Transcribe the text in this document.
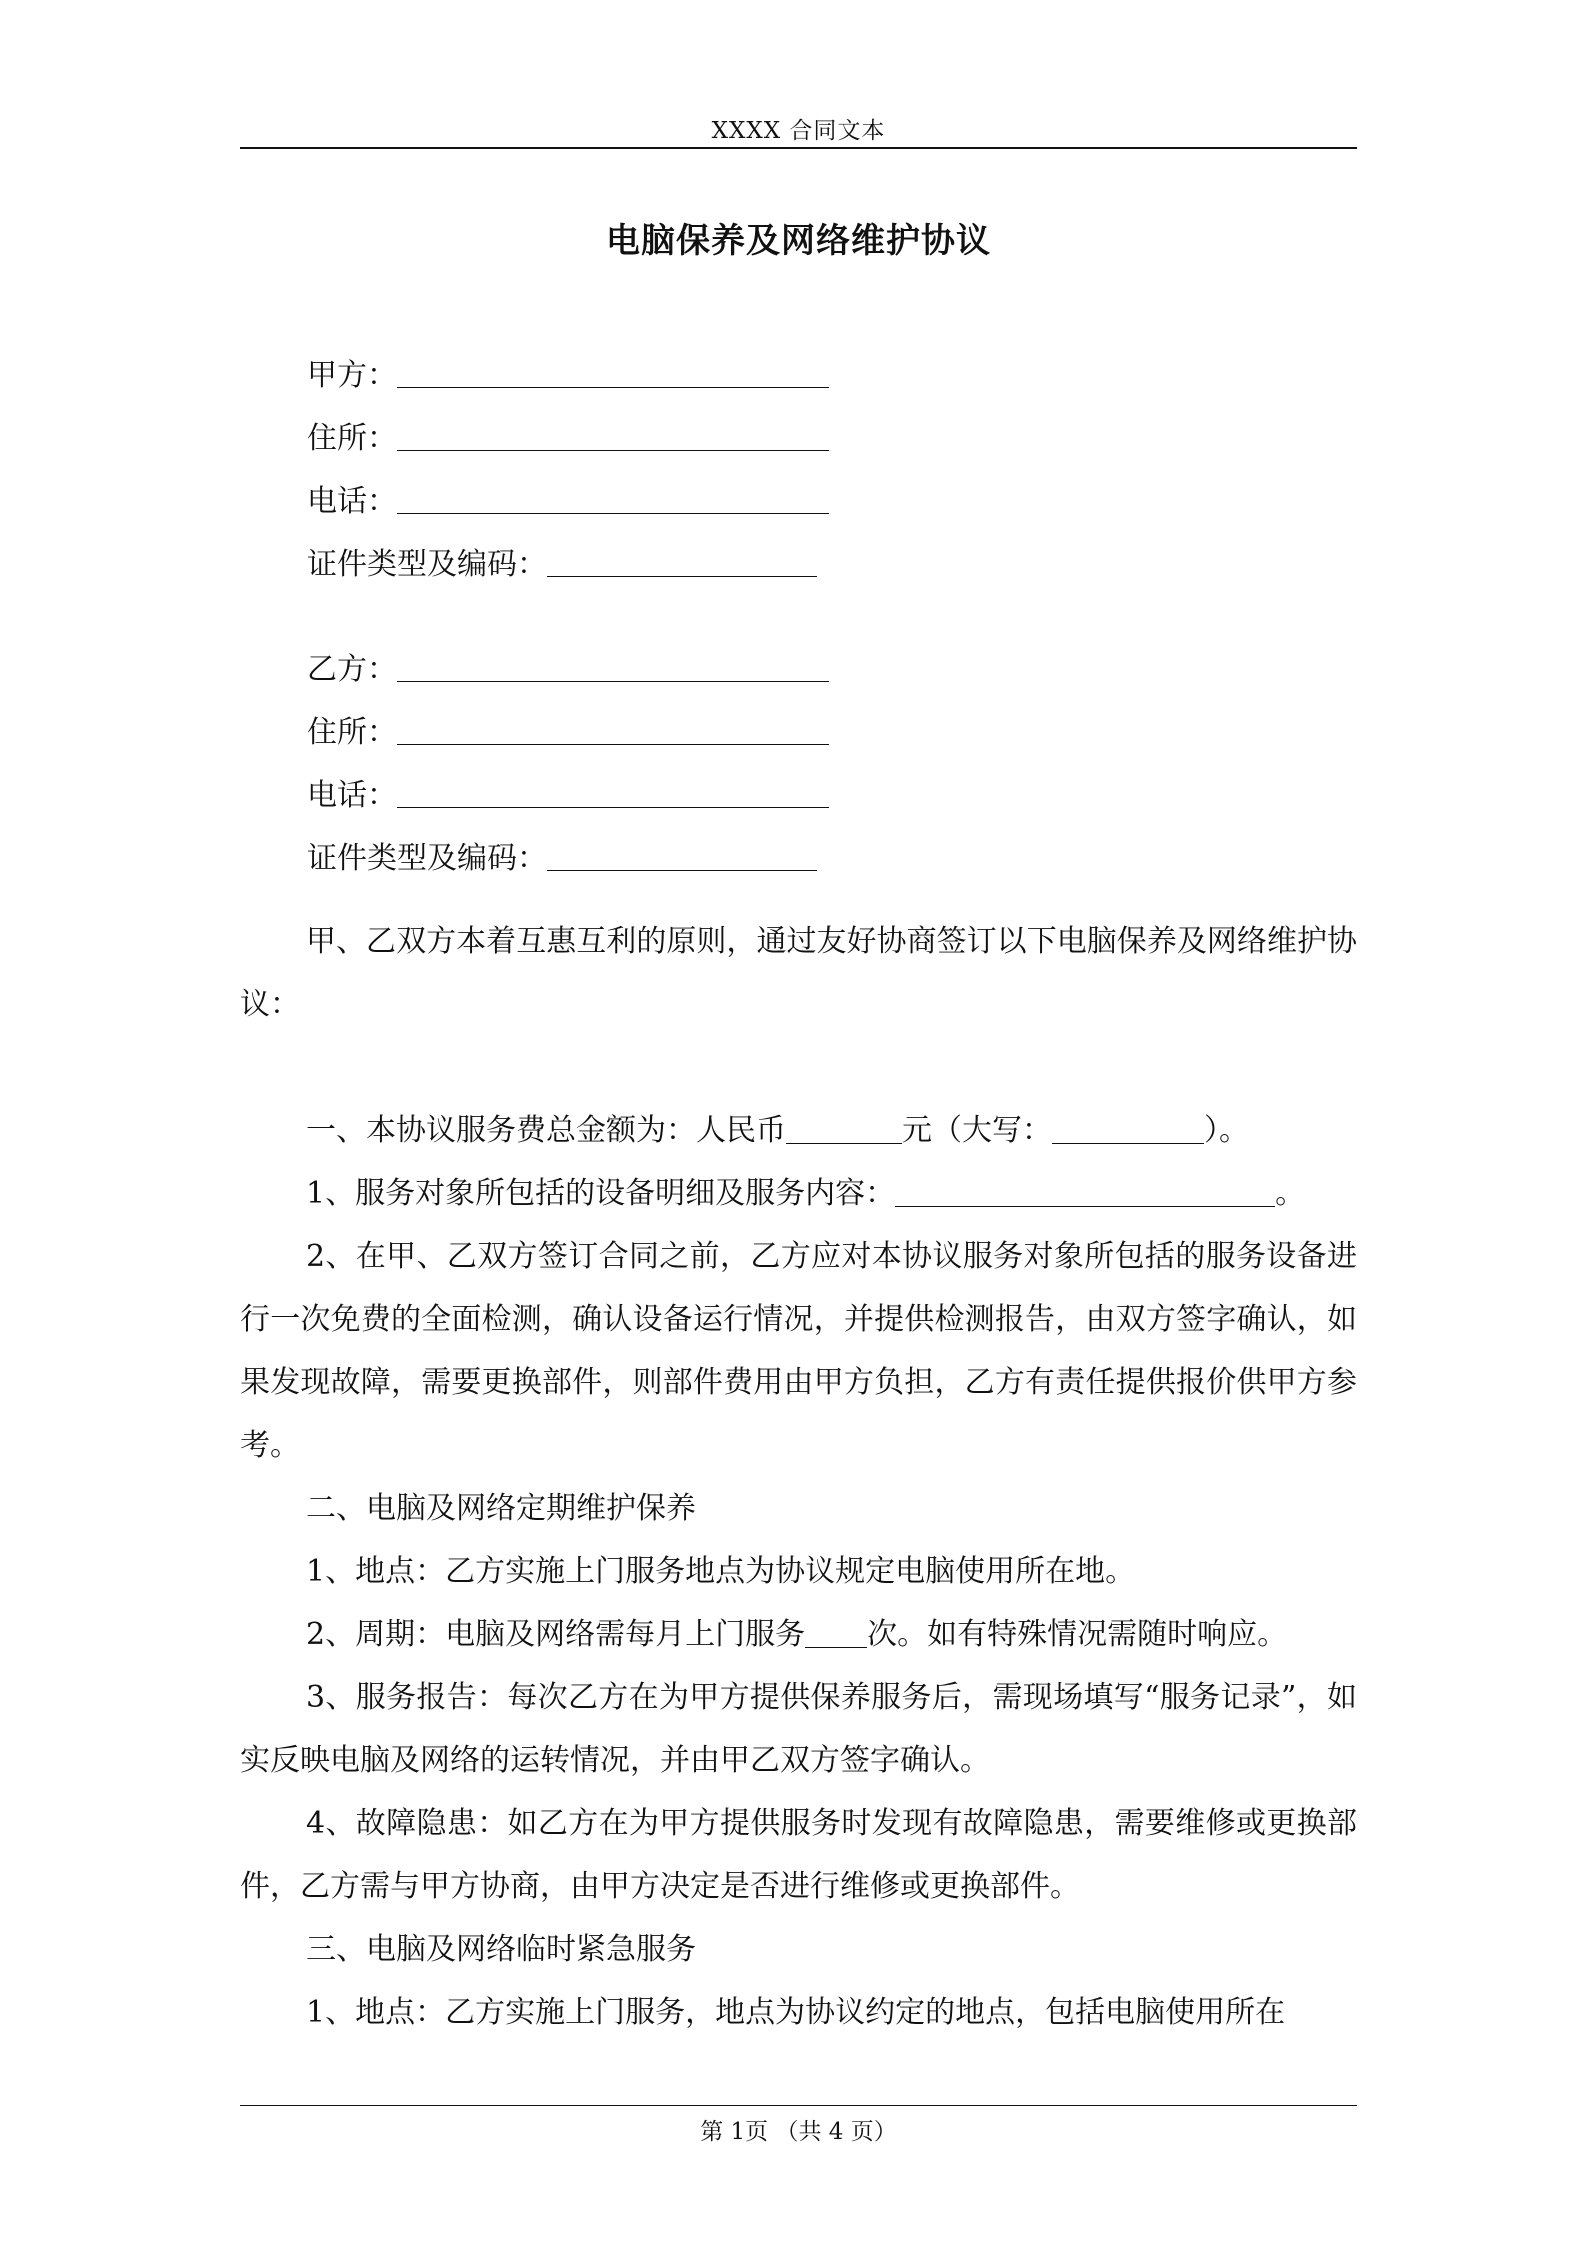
XXXX 合同文本
电脑保养及网络维护协议
甲方：
住所：
电话：
证件类型及编码：
乙方：
住所：
电话：
证件类型及编码：

甲、乙双方本着互惠互利的原则，通过友好协商签订以下电脑保养及网络维护协议：

一、本协议服务费总金额为：人民币	元（大写：	）。

1、服务对象所包括的设备明细及服务内容：	。

2、在甲、乙双方签订合同之前，乙方应对本协议服务对象所包括的服务设备进行一次免费的全面检测，确认设备运行情况，并提供检测报告，由双方签字确认，如果发现故障，需要更换部件，则部件费用由甲方负担，乙方有责任提供报价供甲方参考。

二、电脑及网络定期维护保养

1、地点：乙方实施上门服务地点为协议规定电脑使用所在地。

2、周期：电脑及网络需每月上门服务 次。如有特殊情况需随时响应。

3、服务报告：每次乙方在为甲方提供保养服务后，需现场填写“服务记录”，如实反映电脑及网络的运转情况，并由甲乙双方签字确认。

4、故障隐患：如乙方在为甲方提供服务时发现有故障隐患，需要维修或更换部件，乙方需与甲方协商，由甲方决定是否进行维修或更换部件。

三、电脑及网络临时紧急服务

1、地点：乙方实施上门服务，地点为协议约定的地点，包括电脑使用所在

第 1页 （共 4 页）
